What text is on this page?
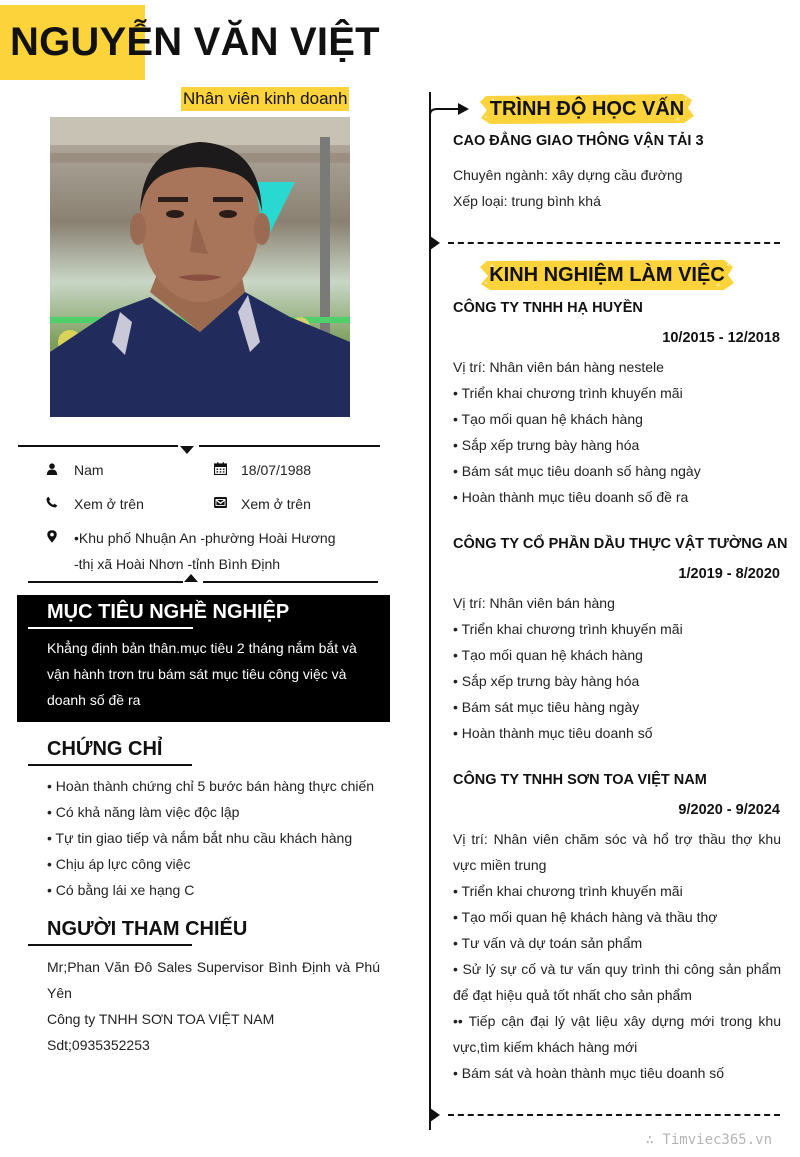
NGUYỄN VĂN VIỆT
Nhân viên kinh doanh
Nam	18/07/1988
Xem ở trên	Xem ở trên
•Khu phố Nhuận An -phường Hoài Hương
-thị xã Hoài Nhơn -tỉnh Bình Định
MỤC TIÊU NGHỀ NGHIỆP
Khẳng định bản thân.mục tiêu 2 tháng nắm bắt và vận hành trơn tru bám sát mục tiêu công việc và doanh số đề ra
CHỨNG CHỈ
• Hoàn thành chứng chỉ 5 bước bán hàng thực chiến
• Có khả năng làm việc độc lập
• Tự tin giao tiếp và nắm bắt nhu cầu khách hàng
• Chịu áp lực công việc
• Có bằng lái xe hạng C
NGƯỜI THAM CHIẾU
Mr;Phan Văn Đô Sales Supervisor Bình Định và Phú Yên
Công ty TNHH SƠN TOA VIỆT NAM
Sdt;0935352253
TRÌNH ĐỘ HỌC VẤN
CAO ĐẲNG GIAO THÔNG VẬN TẢI 3
Chuyên ngành: xây dựng cầu đường
Xếp loại: trung bình khá
KINH NGHIỆM LÀM VIỆC
CÔNG TY TNHH HẠ HUYỀN
10/2015 - 12/2018
Vị trí: Nhân viên bán hàng nestele
• Triển khai chương trình khuyến mãi
• Tạo mối quan hệ khách hàng
• Sắp xếp trưng bày hàng hóa
• Bám sát mục tiêu doanh số hàng ngày
• Hoàn thành mục tiêu doanh số đề ra
CÔNG TY CỔ PHẦN DẦU THỰC VẬT TƯỜNG AN
1/2019 - 8/2020
Vị trí: Nhân viên bán hàng
• Triển khai chương trình khuyến mãi
• Tạo mối quan hệ khách hàng
• Sắp xếp trưng bày hàng hóa
• Bám sát mục tiêu hàng ngày
• Hoàn thành mục tiêu doanh số
CÔNG TY TNHH SƠN TOA VIỆT NAM
9/2020 - 9/2024
Vị trí: Nhân viên chăm sóc và hổ trợ thầu thợ khu vực miền trung
• Triển khai chương trình khuyến mãi
• Tạo mối quan hệ khách hàng và thầu thợ
• Tư vấn và dự toán sản phẩm
• Sử lý sự cố và tư vấn quy trình thi công sản phẩm để đạt hiệu quả tốt nhất cho sản phẩm
•• Tiếp cận đại lý vật liệu xây dựng mới trong khu vực,tìm kiếm khách hàng mới
• Bám sát và hoàn thành mục tiêu doanh số
∴ Timviec365.vn
